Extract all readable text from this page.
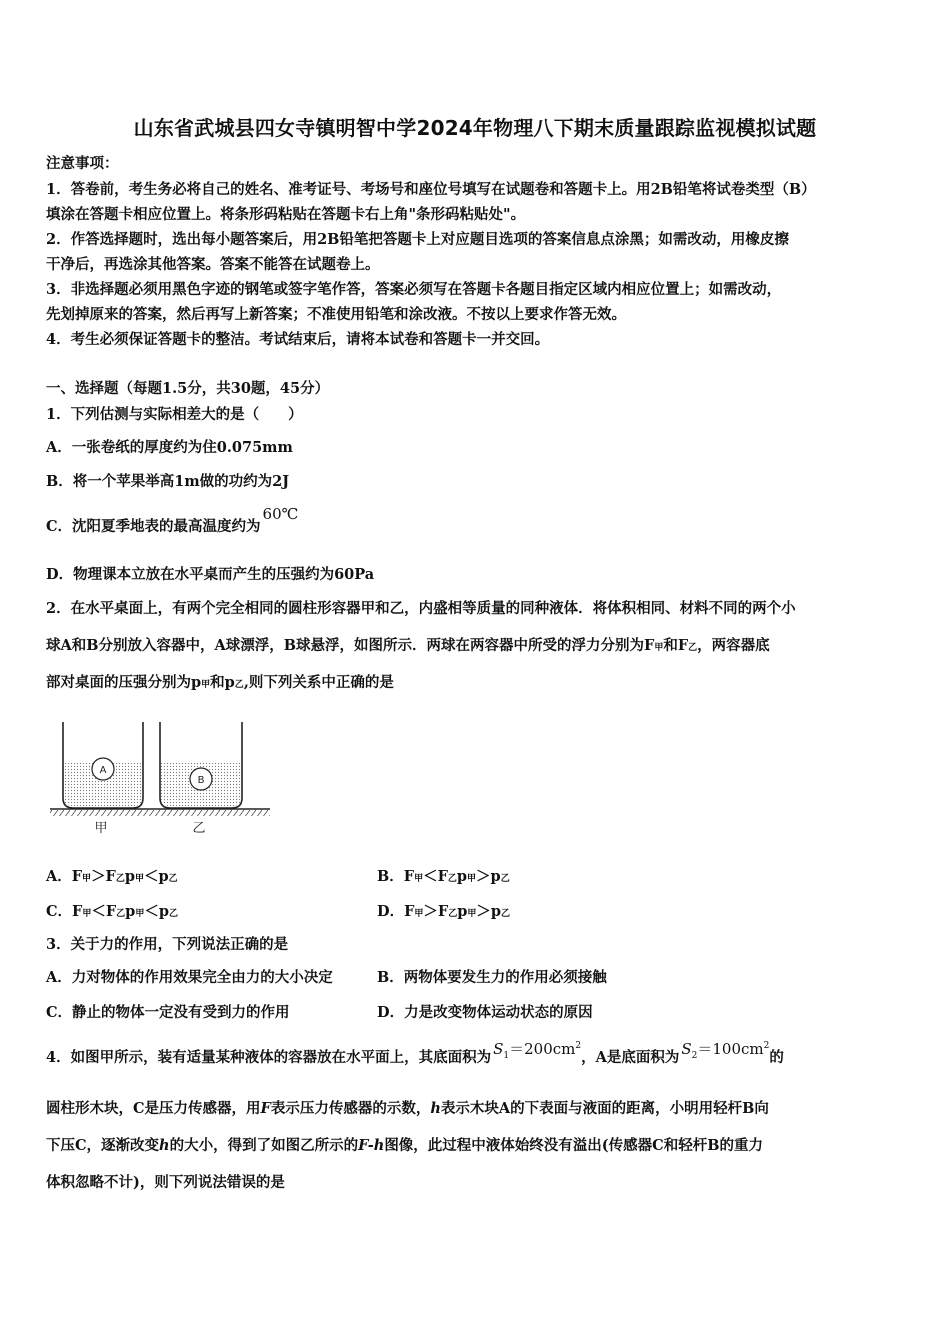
山东省武城县四女寺镇明智中学2024年物理八下期末质量跟踪监视模拟试题
注意事项：
1．答卷前，考生务必将自己的姓名、准考证号、考场号和座位号填写在试题卷和答题卡上。用2B铅笔将试卷类型（B）
填涂在答题卡相应位置上。将条形码粘贴在答题卡右上角"条形码粘贴处"。
2．作答选择题时，选出每小题答案后，用2B铅笔把答题卡上对应题目选项的答案信息点涂黑；如需改动，用橡皮擦
干净后，再选涂其他答案。答案不能答在试题卷上。
3．非选择题必须用黑色字迹的钢笔或签字笔作答，答案必须写在答题卡各题目指定区域内相应位置上；如需改动，
先划掉原来的答案，然后再写上新答案；不准使用铅笔和涂改液。不按以上要求作答无效。
4．考生必须保证答题卡的整洁。考试结束后，请将本试卷和答题卡一并交回。
一、选择题（每题1.5分，共30题，45分）
1．下列估测与实际相差大的是（　　）
A．一张卷纸的厚度约为住0.075mm
B．将一个苹果举高1m做的功约为2J
C．沈阳夏季地表的最高温度约为60℃
D．物理课本立放在水平桌而产生的压强约为60Pa
2．在水平桌面上，有两个完全相同的圆柱形容器甲和乙，内盛相等质量的同种液体．将体积相同、材料不同的两个小
球A和B分别放入容器中，A球漂浮，B球悬浮，如图所示．两球在两容器中所受的浮力分别为F甲和F乙，两容器底
部对桌面的压强分别为p甲和p乙,则下列关系中正确的是
A
B
甲	乙
A．F甲＞F乙p甲＜p乙	B．F甲＜F乙p甲＞p乙
C．F甲＜F乙p甲＜p乙	D．F甲＞F乙p甲＞p乙
3．关于力的作用，下列说法正确的是
A．力对物体的作用效果完全由力的大小决定	B．两物体要发生力的作用必须接触
C．静止的物体一定没有受到力的作用	D．力是改变物体运动状态的原因
4．如图甲所示，装有适量某种液体的容器放在水平面上，其底面积为 $S_1=200cm^2$，A是底面积为 $S_2=100cm^2$的
圆柱形木块，C是压力传感器，用F表示压力传感器的示数，h表示木块A的下表面与液面的距离，小明用轻杆B向
下压C，逐渐改变h的大小，得到了如图乙所示的F-h图像，此过程中液体始终没有溢出(传感器C和轻杆B的重力
体积忽略不计)，则下列说法错误的是
